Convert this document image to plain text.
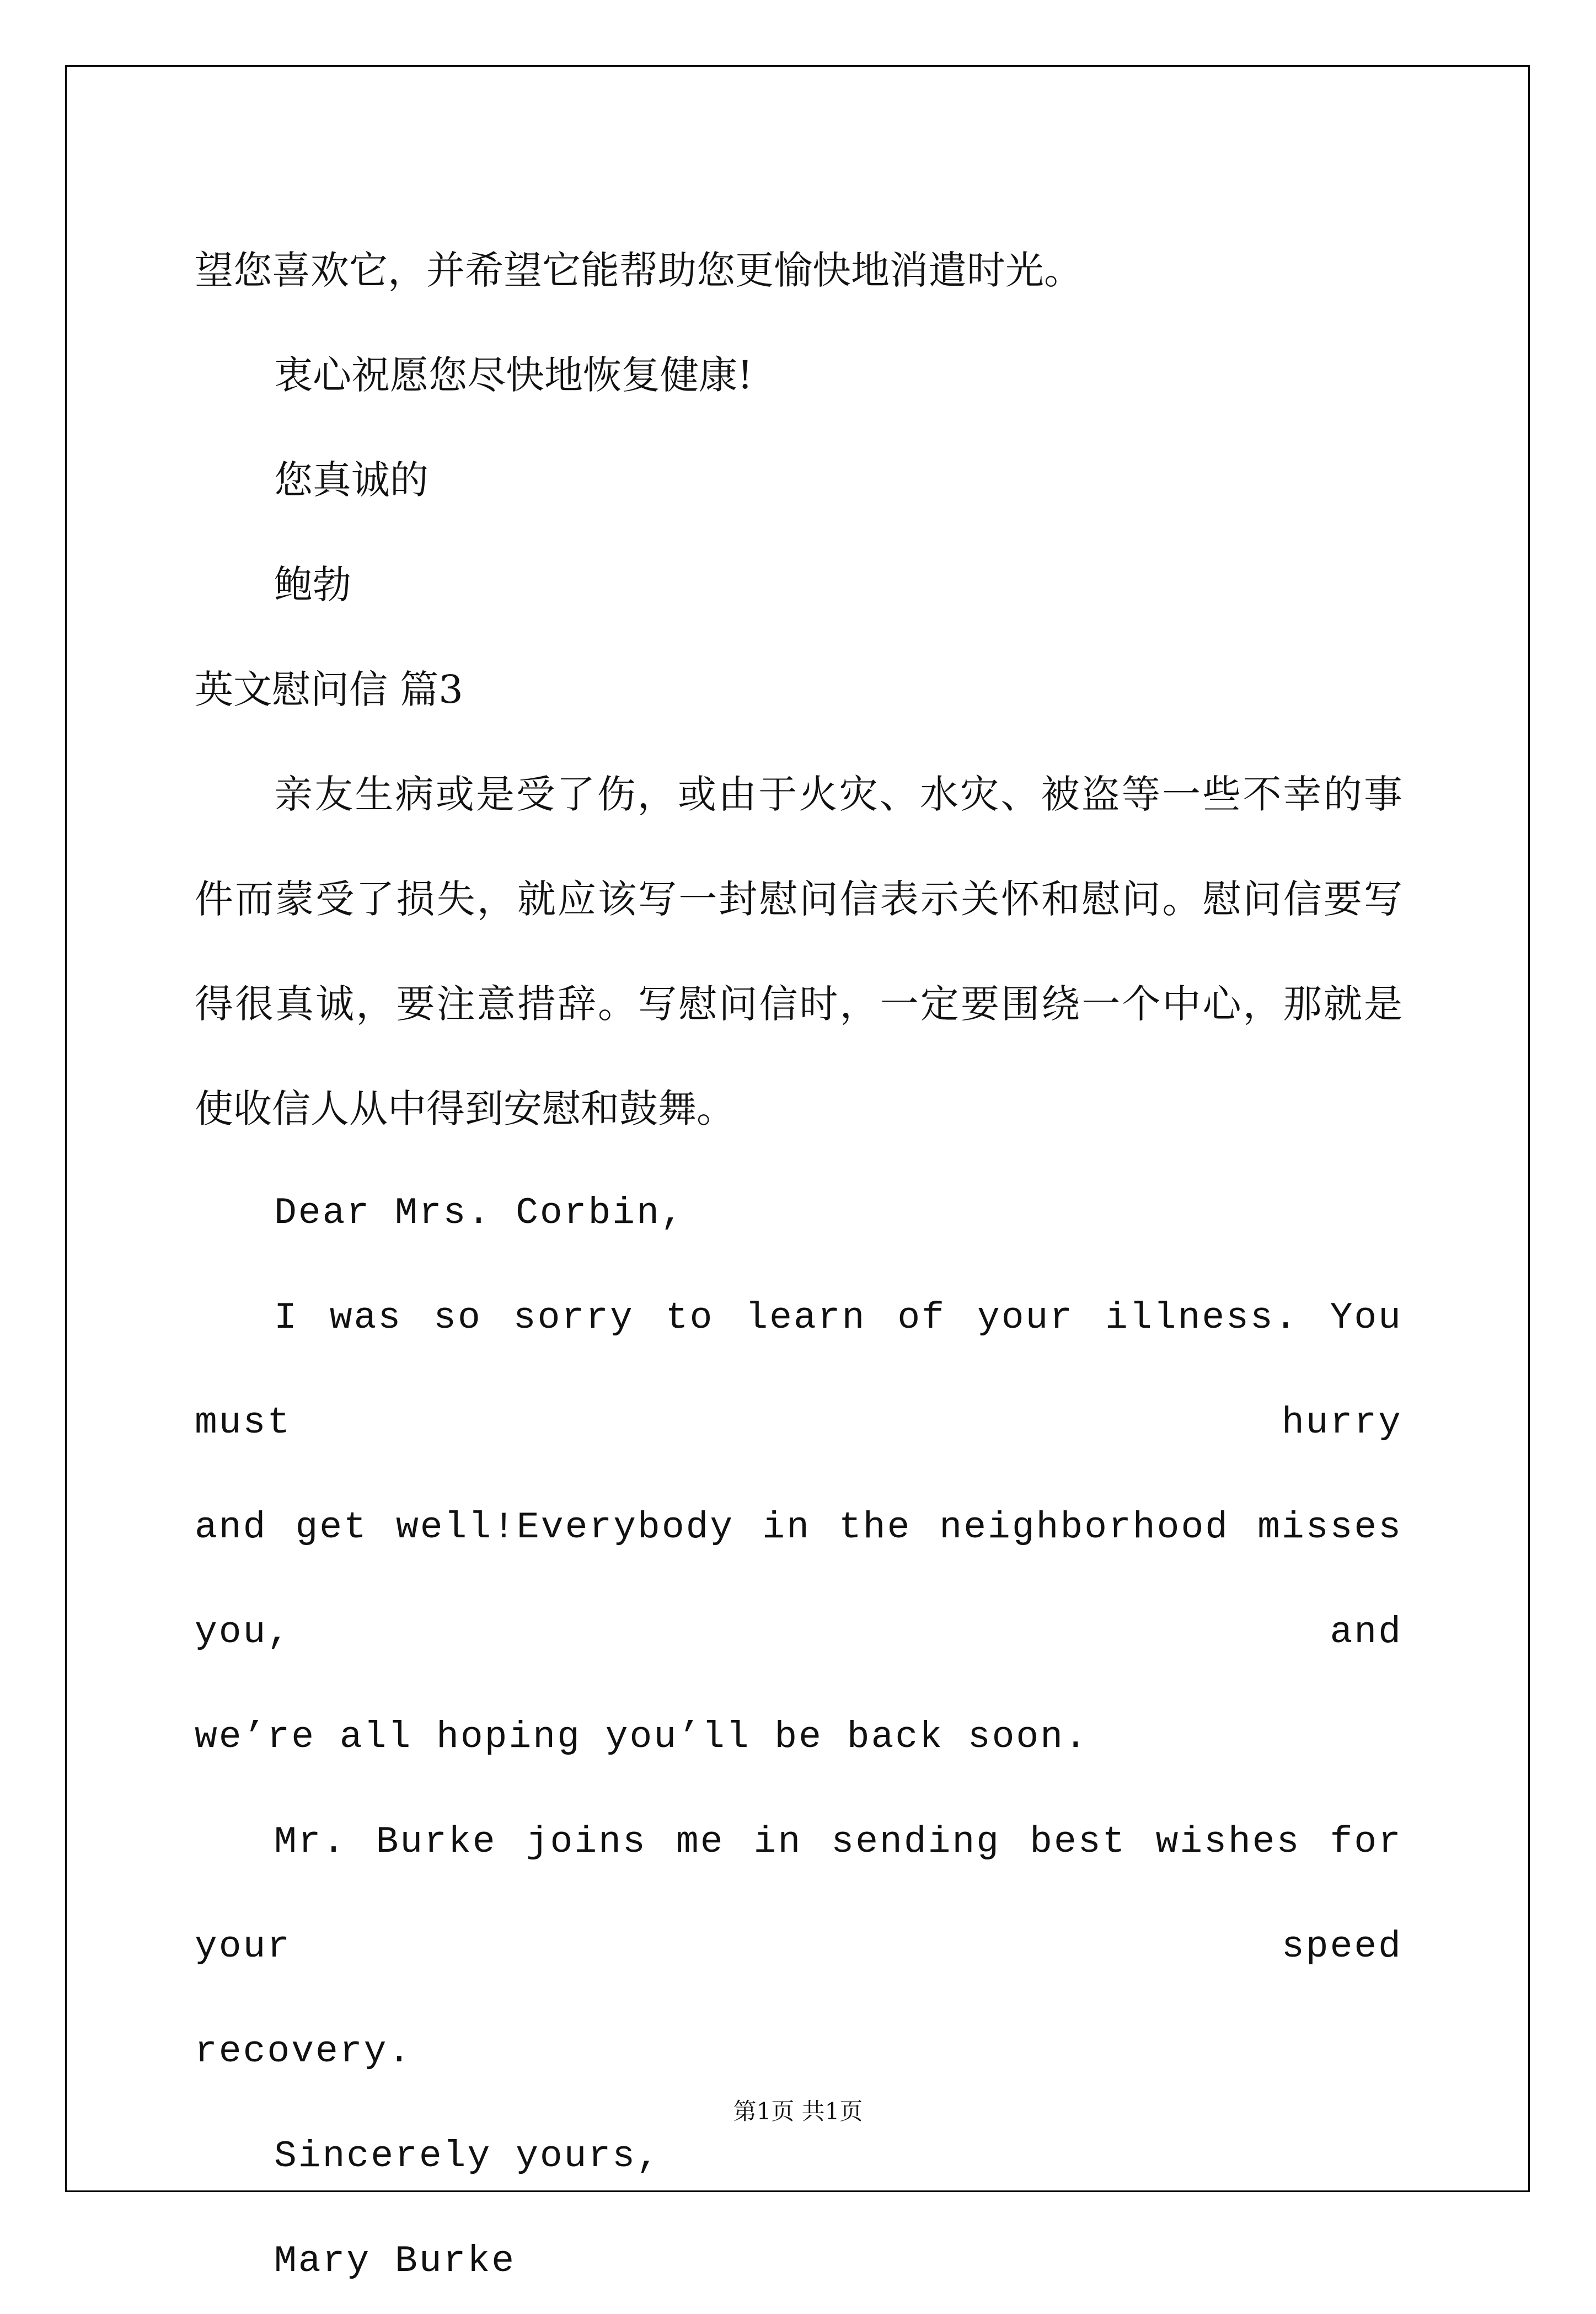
望您喜欢它，并希望它能帮助您更愉快地消遣时光。

衷心祝愿您尽快地恢复健康!

您真诚的

鲍勃

英文慰问信 篇3

亲友生病或是受了伤，或由于火灾、水灾、被盗等一些不幸的事

件而蒙受了损失，就应该写一封慰问信表示关怀和慰问。慰问信要写

得很真诚，要注意措辞。写慰问信时，一定要围绕一个中心，那就是

使收信人从中得到安慰和鼓舞。

Dear Mrs. Corbin,

I was so sorry to learn of your illness. You must hurry

and get well!Everybody in the neighborhood misses you, and

we’re all hoping you’ll be back soon.

Mr. Burke joins me in sending best wishes for your speed

recovery.

Sincerely yours,

Mary Burke

第1页 共1页
